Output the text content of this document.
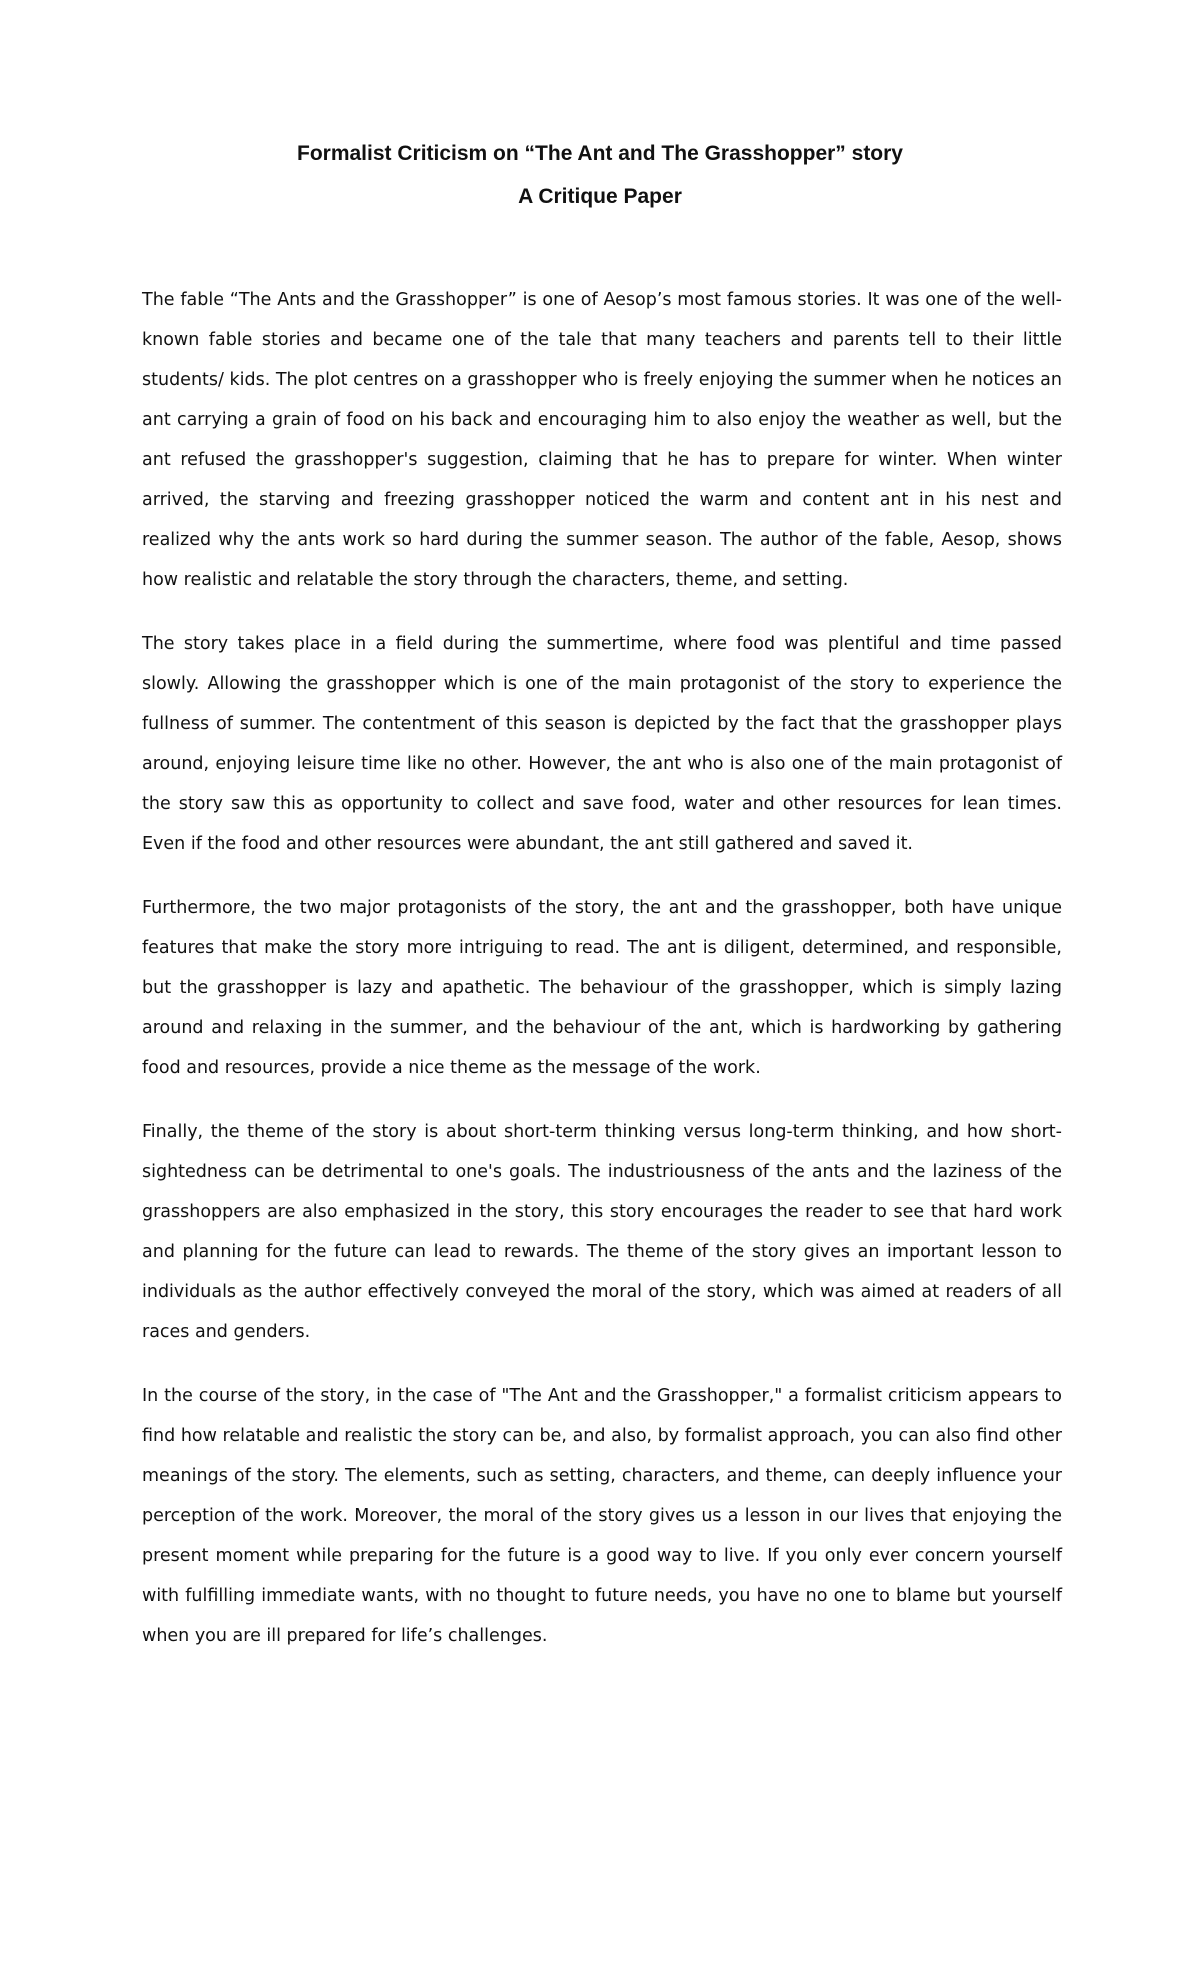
Formalist Criticism on “The Ant and The Grasshopper” story

A Critique Paper

The fable “The Ants and the Grasshopper” is one of Aesop’s most famous stories. It was one of the well-known fable stories and became one of the tale that many teachers and parents tell to their little students/ kids. The plot centres on a grasshopper who is freely enjoying the summer when he notices an ant carrying a grain of food on his back and encouraging him to also enjoy the weather as well, but the ant refused the grasshopper's suggestion, claiming that he has to prepare for winter. When winter arrived, the starving and freezing grasshopper noticed the warm and content ant in his nest and realized why the ants work so hard during the summer season. The author of the fable, Aesop, shows how realistic and relatable the story through the characters, theme, and setting.

The story takes place in a field during the summertime, where food was plentiful and time passed slowly. Allowing the grasshopper which is one of the main protagonist of the story to experience the fullness of summer. The contentment of this season is depicted by the fact that the grasshopper plays around, enjoying leisure time like no other. However, the ant who is also one of the main protagonist of the story saw this as opportunity to collect and save food, water and other resources for lean times. Even if the food and other resources were abundant, the ant still gathered and saved it.

Furthermore, the two major protagonists of the story, the ant and the grasshopper, both have unique features that make the story more intriguing to read. The ant is diligent, determined, and responsible, but the grasshopper is lazy and apathetic. The behaviour of the grasshopper, which is simply lazing around and relaxing in the summer, and the behaviour of the ant, which is hardworking by gathering food and resources, provide a nice theme as the message of the work.

Finally, the theme of the story is about short-term thinking versus long-term thinking, and how short-sightedness can be detrimental to one's goals. The industriousness of the ants and the laziness of the grasshoppers are also emphasized in the story, this story encourages the reader to see that hard work and planning for the future can lead to rewards. The theme of the story gives an important lesson to individuals as the author effectively conveyed the moral of the story, which was aimed at readers of all races and genders.

In the course of the story, in the case of "The Ant and the Grasshopper," a formalist criticism appears to find how relatable and realistic the story can be, and also, by formalist approach, you can also find other meanings of the story. The elements, such as setting, characters, and theme, can deeply influence your perception of the work. Moreover, the moral of the story gives us a lesson in our lives that enjoying the present moment while preparing for the future is a good way to live. If you only ever concern yourself with fulfilling immediate wants, with no thought to future needs, you have no one to blame but yourself when you are ill prepared for life’s challenges.
